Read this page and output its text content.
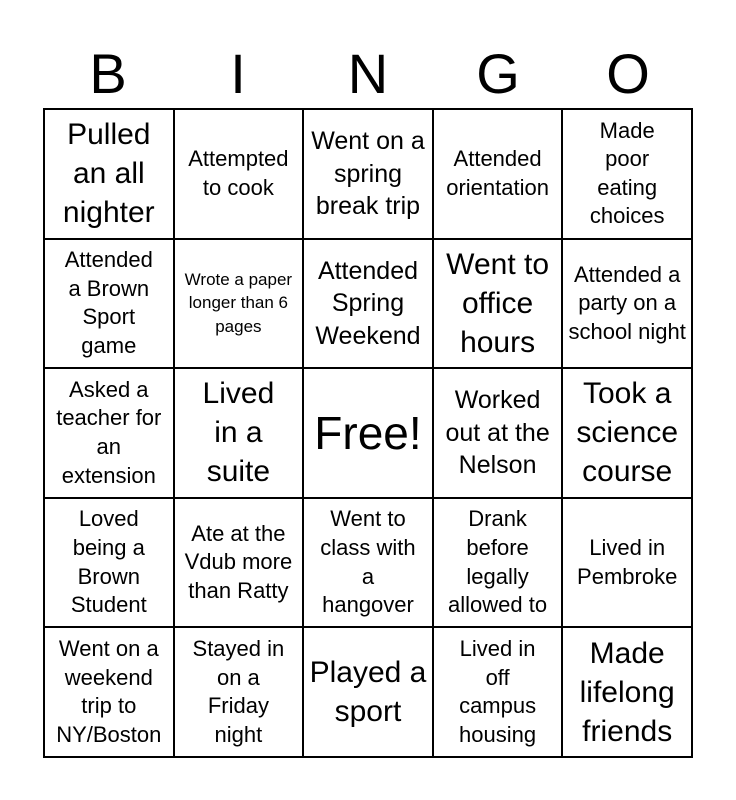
B	I	N	G	O
Pulled an all nighter
Attempted to cook
Went on a spring break trip
Attended orientation
Made poor eating choices
Attended a Brown Sport game
Wrote a paper longer than 6 pages
Attended Spring Weekend
Went to office hours
Attended a party on a school night
Asked a teacher for an extension
Lived in a suite
Free!
Worked out at the Nelson
Took a science course
Loved being a Brown Student
Ate at the Vdub more than Ratty
Went to class with a hangover
Drank before legally allowed to
Lived in Pembroke
Went on a weekend trip to NY/Boston
Stayed in on a Friday night
Played a sport
Lived in off campus housing
Made lifelong friends
